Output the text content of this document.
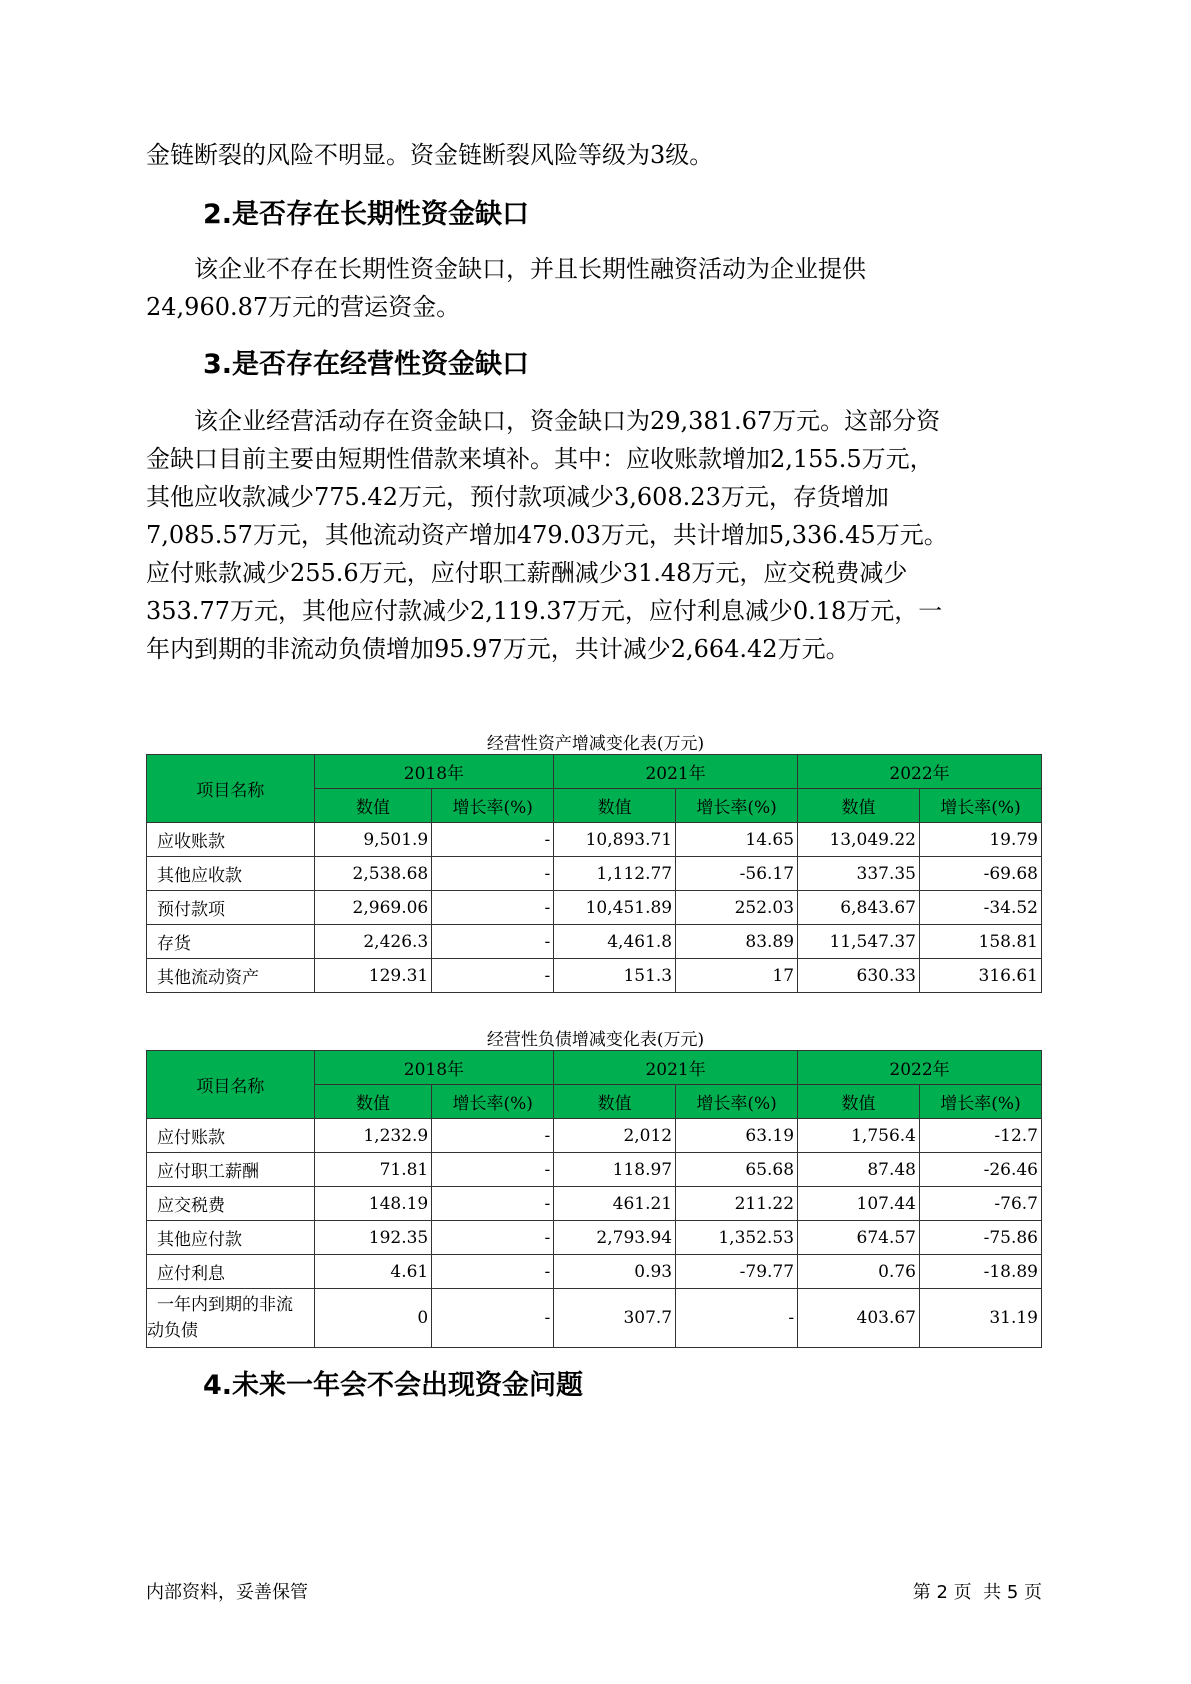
金链断裂的风险不明显。资金链断裂风险等级为3级。
2.是否存在长期性资金缺口
该企业不存在长期性资金缺口，并且长期性融资活动为企业提供
24,960.87万元的营运资金。
3.是否存在经营性资金缺口
该企业经营活动存在资金缺口，资金缺口为29,381.67万元。这部分资
金缺口目前主要由短期性借款来填补。其中：应收账款增加2,155.5万元，
其他应收款减少775.42万元，预付款项减少3,608.23万元，存货增加
7,085.57万元，其他流动资产增加479.03万元，共计增加5,336.45万元。
应付账款减少255.6万元，应付职工薪酬减少31.48万元，应交税费减少
353.77万元，其他应付款减少2,119.37万元，应付利息减少0.18万元，一
年内到期的非流动负债增加95.97万元，共计减少2,664.42万元。
经营性资产增减变化表(万元)
项目名称	2018年		2021年		2022年	
	数值	增长率(%)	数值	增长率(%)	数值	增长率(%)
应收账款	9,501.9	-	10,893.71	14.65	13,049.22	19.79
其他应收款	2,538.68	-	1,112.77	-56.17	337.35	-69.68
预付款项	2,969.06	-	10,451.89	252.03	6,843.67	-34.52
存货	2,426.3	-	4,461.8	83.89	11,547.37	158.81
其他流动资产	129.31	-	151.3	17	630.33	316.61
经营性负债增减变化表(万元)
项目名称	2018年		2021年		2022年	
	数值	增长率(%)	数值	增长率(%)	数值	增长率(%)
应付账款	1,232.9	-	2,012	63.19	1,756.4	-12.7
应付职工薪酬	71.81	-	118.97	65.68	87.48	-26.46
应交税费	148.19	-	461.21	211.22	107.44	-76.7
其他应付款	192.35	-	2,793.94	1,352.53	674.57	-75.86
应付利息	4.61	-	0.93	-79.77	0.76	-18.89

一年内到期的非流
动负债	0	-	307.7	-	403.67	31.19
4.未来一年会不会出现资金问题
内部资料，妥善保管	第 2 页  共 5 页
